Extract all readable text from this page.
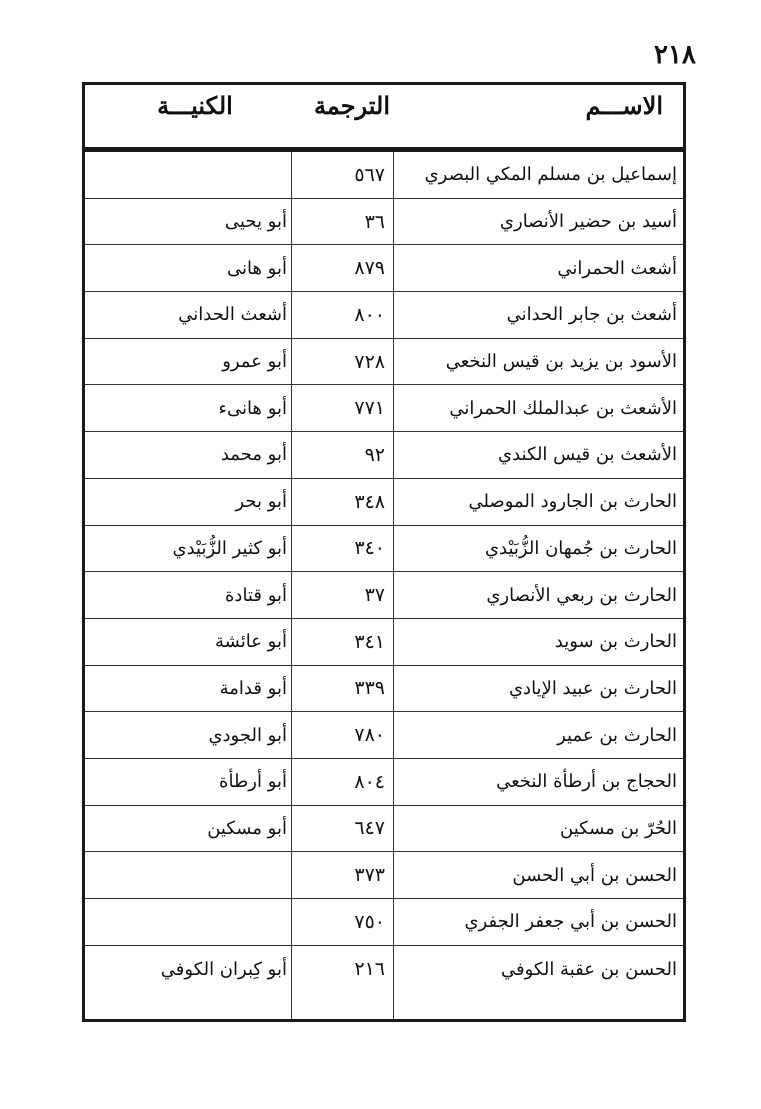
٢١٨
الاســـم
الترجمة
الكنيـــة
إسماعيل بن مسلم المكي البصري
٥٦٧
أسيد بن حضير الأنصاري
٣٦
أبو يحيى
أشعث الحمراني
٨٧٩
أبو هانى
أشعث بن جابر الحداني
٨٠٠
أشعث الحداني
الأسود بن يزيد بن قيس النخعي
٧٢٨
أبو عمرو
الأشعث بن عبدالملك الحمراني
٧٧١
أبو هانىء
الأشعث بن قيس الكندي
٩٢
أبو محمد
الحارث بن الجارود الموصلي
٣٤٨
أبو بحر
الحارث بن جُمهان الزُّبَيْدي
٣٤٠
أبو كثير الزُّبَيْدي
الحارث بن ربعي الأنصاري
٣٧
أبو قتادة
الحارث بن سويد
٣٤١
أبو عائشة
الحارث بن عبيد الإيادي
٣٣٩
أبو قدامة
الحارث بن عمير
٧٨٠
أبو الجودي
الحجاج بن أرطأة النخعي
٨٠٤
أبو أرطأة
الحُرّ بن مسكين
٦٤٧
أبو مسكين
الحسن بن أبي الحسن
٣٧٣
الحسن بن أبي جعفر الجفري
٧٥٠
الحسن بن عقبة الكوفي
٢١٦
أبو كِبران الكوفي
